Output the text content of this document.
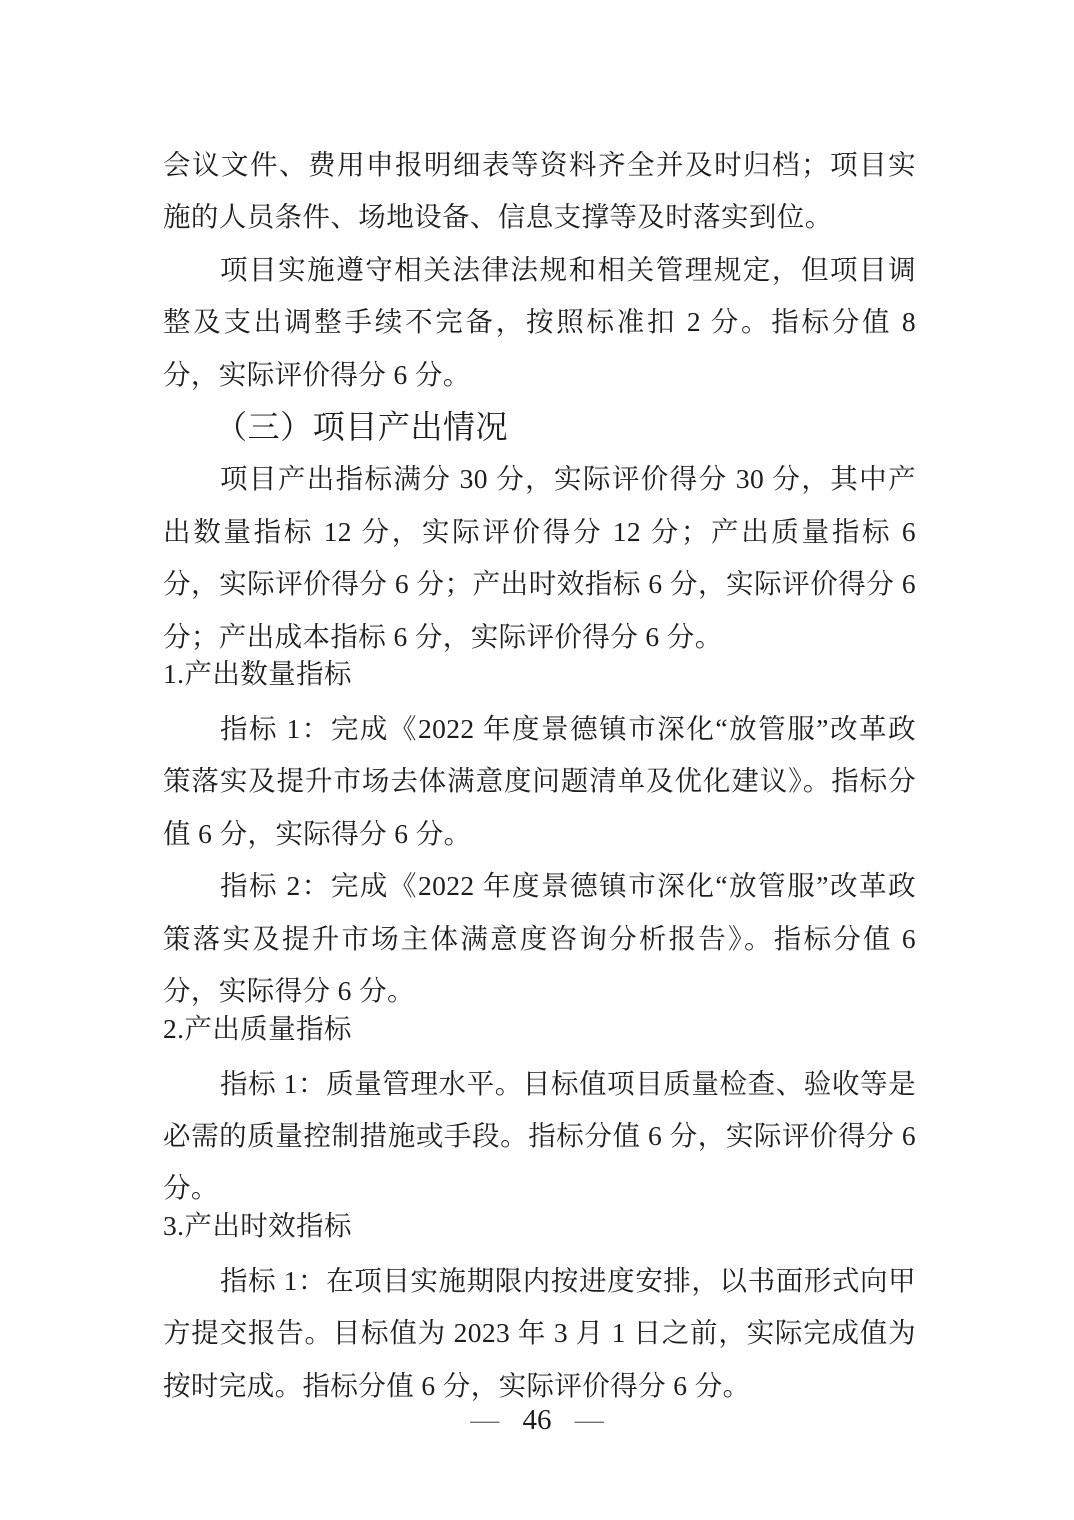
会议文件、费用申报明细表等资料齐全并及时归档；项目实施的人员条件、场地设备、信息支撑等及时落实到位。

项目实施遵守相关法律法规和相关管理规定，但项目调整及支出调整手续不完备，按照标准扣 2 分。指标分值 8 分，实际评价得分 6 分。

（三）项目产出情况

项目产出指标满分 30 分，实际评价得分 30 分，其中产出数量指标 12 分，实际评价得分 12 分；产出质量指标 6 分，实际评价得分 6 分；产出时效指标 6 分，实际评价得分 6 分；产出成本指标 6 分，实际评价得分 6 分。

1.产出数量指标

指标 1：完成《2022 年度景德镇市深化“放管服”改革政策落实及提升市场去体满意度问题清单及优化建议》。指标分值 6 分，实际得分 6 分。

指标 2：完成《2022 年度景德镇市深化“放管服”改革政策落实及提升市场主体满意度咨询分析报告》。指标分值 6 分，实际得分 6 分。

2.产出质量指标

指标 1：质量管理水平。目标值项目质量检查、验收等是必需的质量控制措施或手段。指标分值 6 分，实际评价得分 6 分。

3.产出时效指标

指标 1：在项目实施期限内按进度安排，以书面形式向甲方提交报告。目标值为 2023 年 3 月 1 日之前，实际完成值为按时完成。指标分值 6 分，实际评价得分 6 分。

— 46 —
